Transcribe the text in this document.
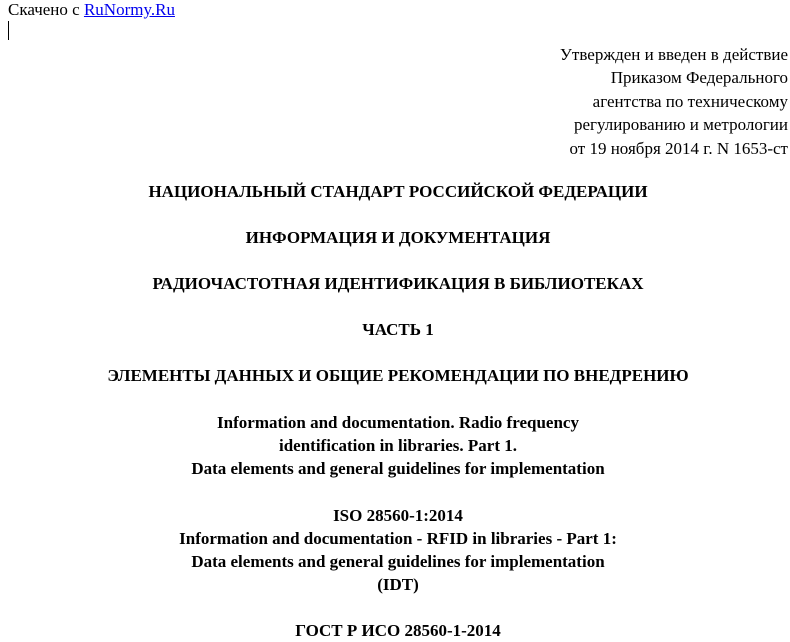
Скачено с RuNormy.Ru
Утвержден и введен в действие
Приказом Федерального
агентства по техническому
регулированию и метрологии
от 19 ноября 2014 г. N 1653-ст
НАЦИОНАЛЬНЫЙ СТАНДАРТ РОССИЙСКОЙ ФЕДЕРАЦИИ
ИНФОРМАЦИЯ И ДОКУМЕНТАЦИЯ
РАДИОЧАСТОТНАЯ ИДЕНТИФИКАЦИЯ В БИБЛИОТЕКАХ
ЧАСТЬ 1
ЭЛЕМЕНТЫ ДАННЫХ И ОБЩИЕ РЕКОМЕНДАЦИИ ПО ВНЕДРЕНИЮ
Information and documentation. Radio frequency
identification in libraries. Part 1.
Data elements and general guidelines for implementation
ISO 28560-1:2014
Information and documentation - RFID in libraries - Part 1:
Data elements and general guidelines for implementation
(IDT)
ГОСТ Р ИСО 28560-1-2014
